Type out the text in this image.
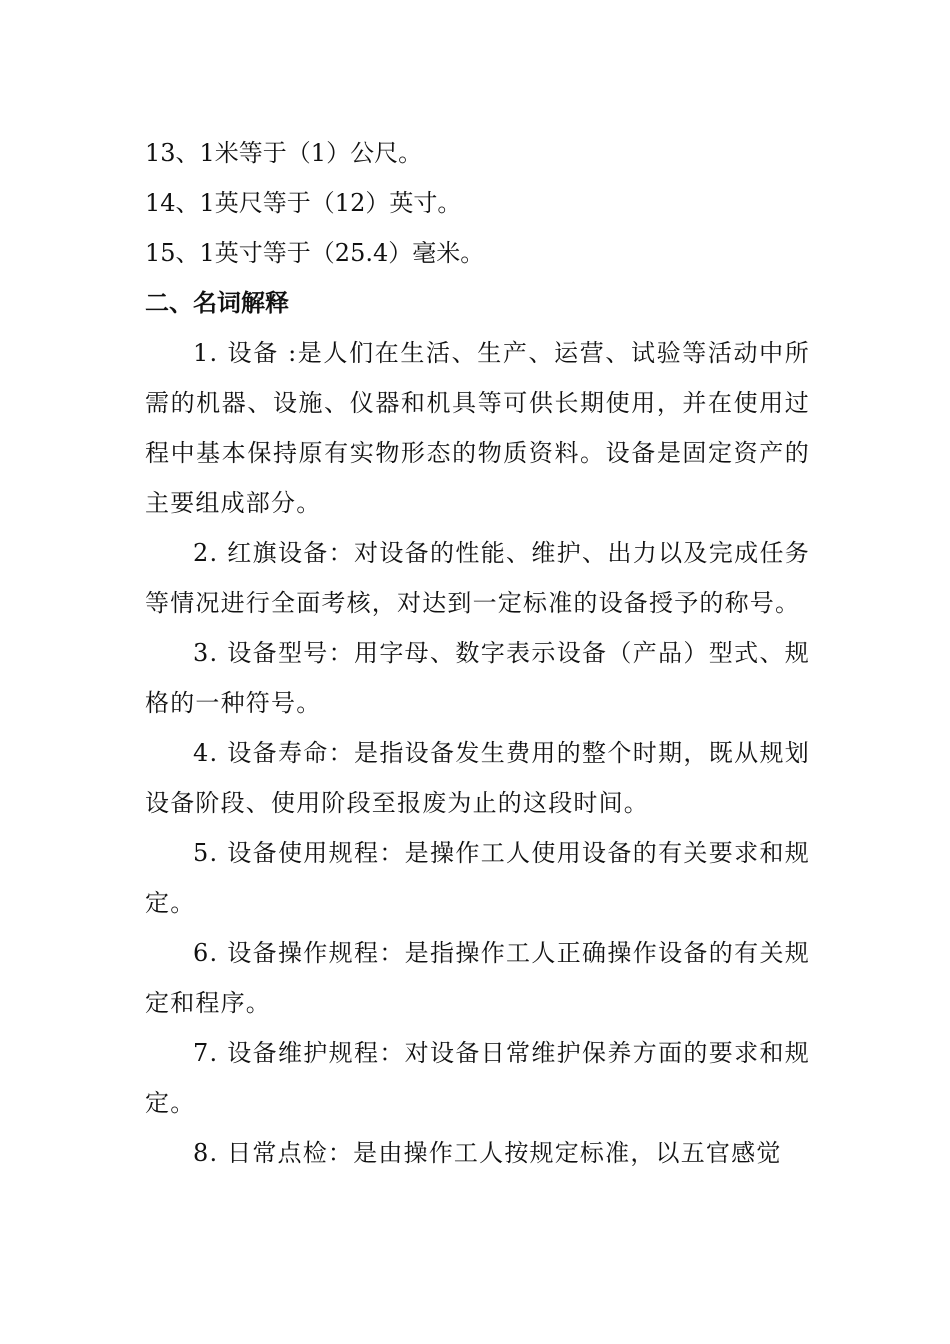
13、1米等于（1）公尺。
14、1英尺等于（12）英寸。
15、1英寸等于（25.4）毫米。
二、名词解释

1. 设备 :是人们在生活、生产、运营、试验等活动中所需的机器、设施、仪器和机具等可供长期使用，并在使用过程中基本保持原有实物形态的物质资料。设备是固定资产的主要组成部分。

2. 红旗设备：对设备的性能、维护、出力以及完成任务等情况进行全面考核，对达到一定标准的设备授予的称号。

3. 设备型号：用字母、数字表示设备（产品）型式、规格的一种符号。

4. 设备寿命：是指设备发生费用的整个时期，既从规划设备阶段、使用阶段至报废为止的这段时间。

5. 设备使用规程：是操作工人使用设备的有关要求和规定。

6. 设备操作规程：是指操作工人正确操作设备的有关规定和程序。

7. 设备维护规程：对设备日常维护保养方面的要求和规定。

8. 日常点检：是由操作工人按规定标准，以五官感觉
